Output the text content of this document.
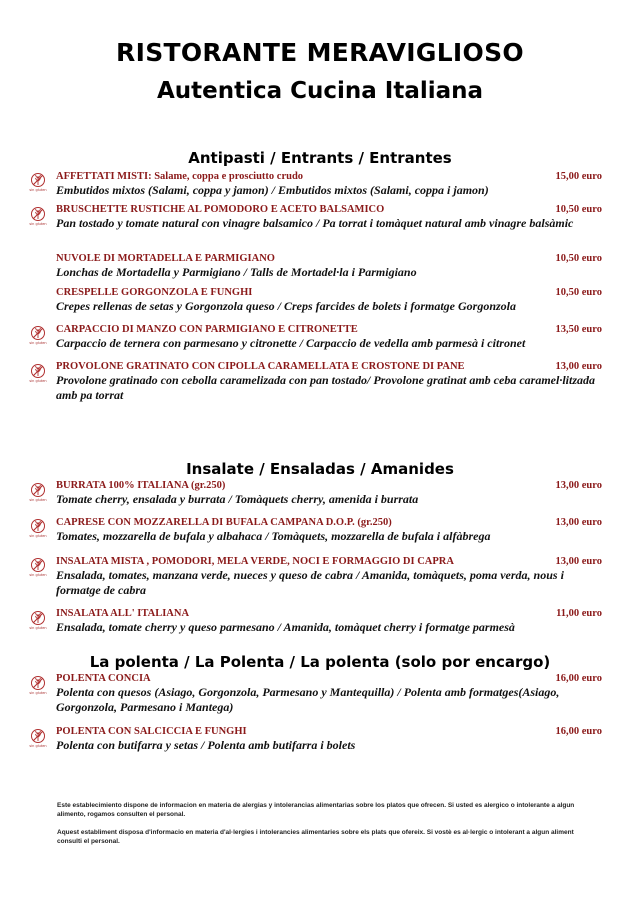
RISTORANTE MERAVIGLIOSO
Autentica Cucina Italiana
Antipasti / Entrants / Entrantes
sin gluten
AFFETTATI MISTI: Salame, coppa e prosciutto crudo	15,00 euro
Embutidos mixtos (Salami, coppa y jamon) / Embutidos mixtos (Salami, coppa i jamon)
sin gluten
BRUSCHETTE RUSTICHE AL POMODORO E ACETO BALSAMICO	10,50 euro
Pan tostado y tomate natural con vinagre balsamico / Pa torrat i tomàquet natural amb vinagre balsàmic
NUVOLE DI MORTADELLA E PARMIGIANO	10,50 euro
Lonchas de Mortadella y Parmigiano / Talls de Mortadel·la i Parmigiano
CRESPELLE GORGONZOLA E FUNGHI	10,50 euro
Crepes rellenas de setas y Gorgonzola queso / Creps farcides de bolets i formatge Gorgonzola
sin gluten
CARPACCIO DI MANZO CON PARMIGIANO E CITRONETTE	13,50 euro
Carpaccio de ternera con parmesano y citronette / Carpaccio de vedella amb parmesà i citronet
sin gluten
PROVOLONE GRATINATO CON CIPOLLA CARAMELLATA E CROSTONE DI PANE	13,00 euro
Provolone gratinado con cebolla caramelizada con pan tostado/ Provolone gratinat amb ceba caramel·litzada amb pa torrat
Insalate / Ensaladas / Amanides
sin gluten
BURRATA 100% ITALIANA (gr.250)	13,00 euro
Tomate cherry, ensalada y burrata / Tomàquets cherry, amenida i burrata
sin gluten
CAPRESE CON MOZZARELLA DI BUFALA CAMPANA D.O.P. (gr.250)	13,00 euro
Tomates, mozzarella de bufala y albahaca / Tomàquets, mozzarella de bufala i alfàbrega
sin gluten
INSALATA MISTA , POMODORI, MELA VERDE, NOCI E FORMAGGIO DI CAPRA	13,00 euro
Ensalada, tomates, manzana verde, nueces y queso de cabra / Amanida, tomàquets, poma verda, nous i formatge de cabra
sin gluten
INSALATA ALL' ITALIANA	11,00 euro
Ensalada, tomate cherry y queso parmesano / Amanida, tomàquet cherry i formatge parmesà
La polenta / La Polenta / La polenta (solo por encargo)
sin gluten
POLENTA CONCIA	16,00 euro
Polenta con quesos (Asiago, Gorgonzola, Parmesano y Mantequilla) / Polenta amb formatges(Asiago, Gorgonzola, Parmesano i Mantega)
sin gluten
POLENTA CON SALCICCIA E FUNGHI	16,00 euro
Polenta con butifarra y setas / Polenta amb butifarra i bolets
Este establecimiento dispone de informacion en materia de alergias y intolerancias alimentarias sobre los platos que ofrecen. Si usted es alergico o intolerante a algun alimento, rogamos consulten el personal.
Aquest establiment disposa d'informacio en materia d'al·lergies i intolerancies alimentaries sobre els plats que ofereix. Si vostè es al·lergic o intolerant a algun aliment consulti el personal.
